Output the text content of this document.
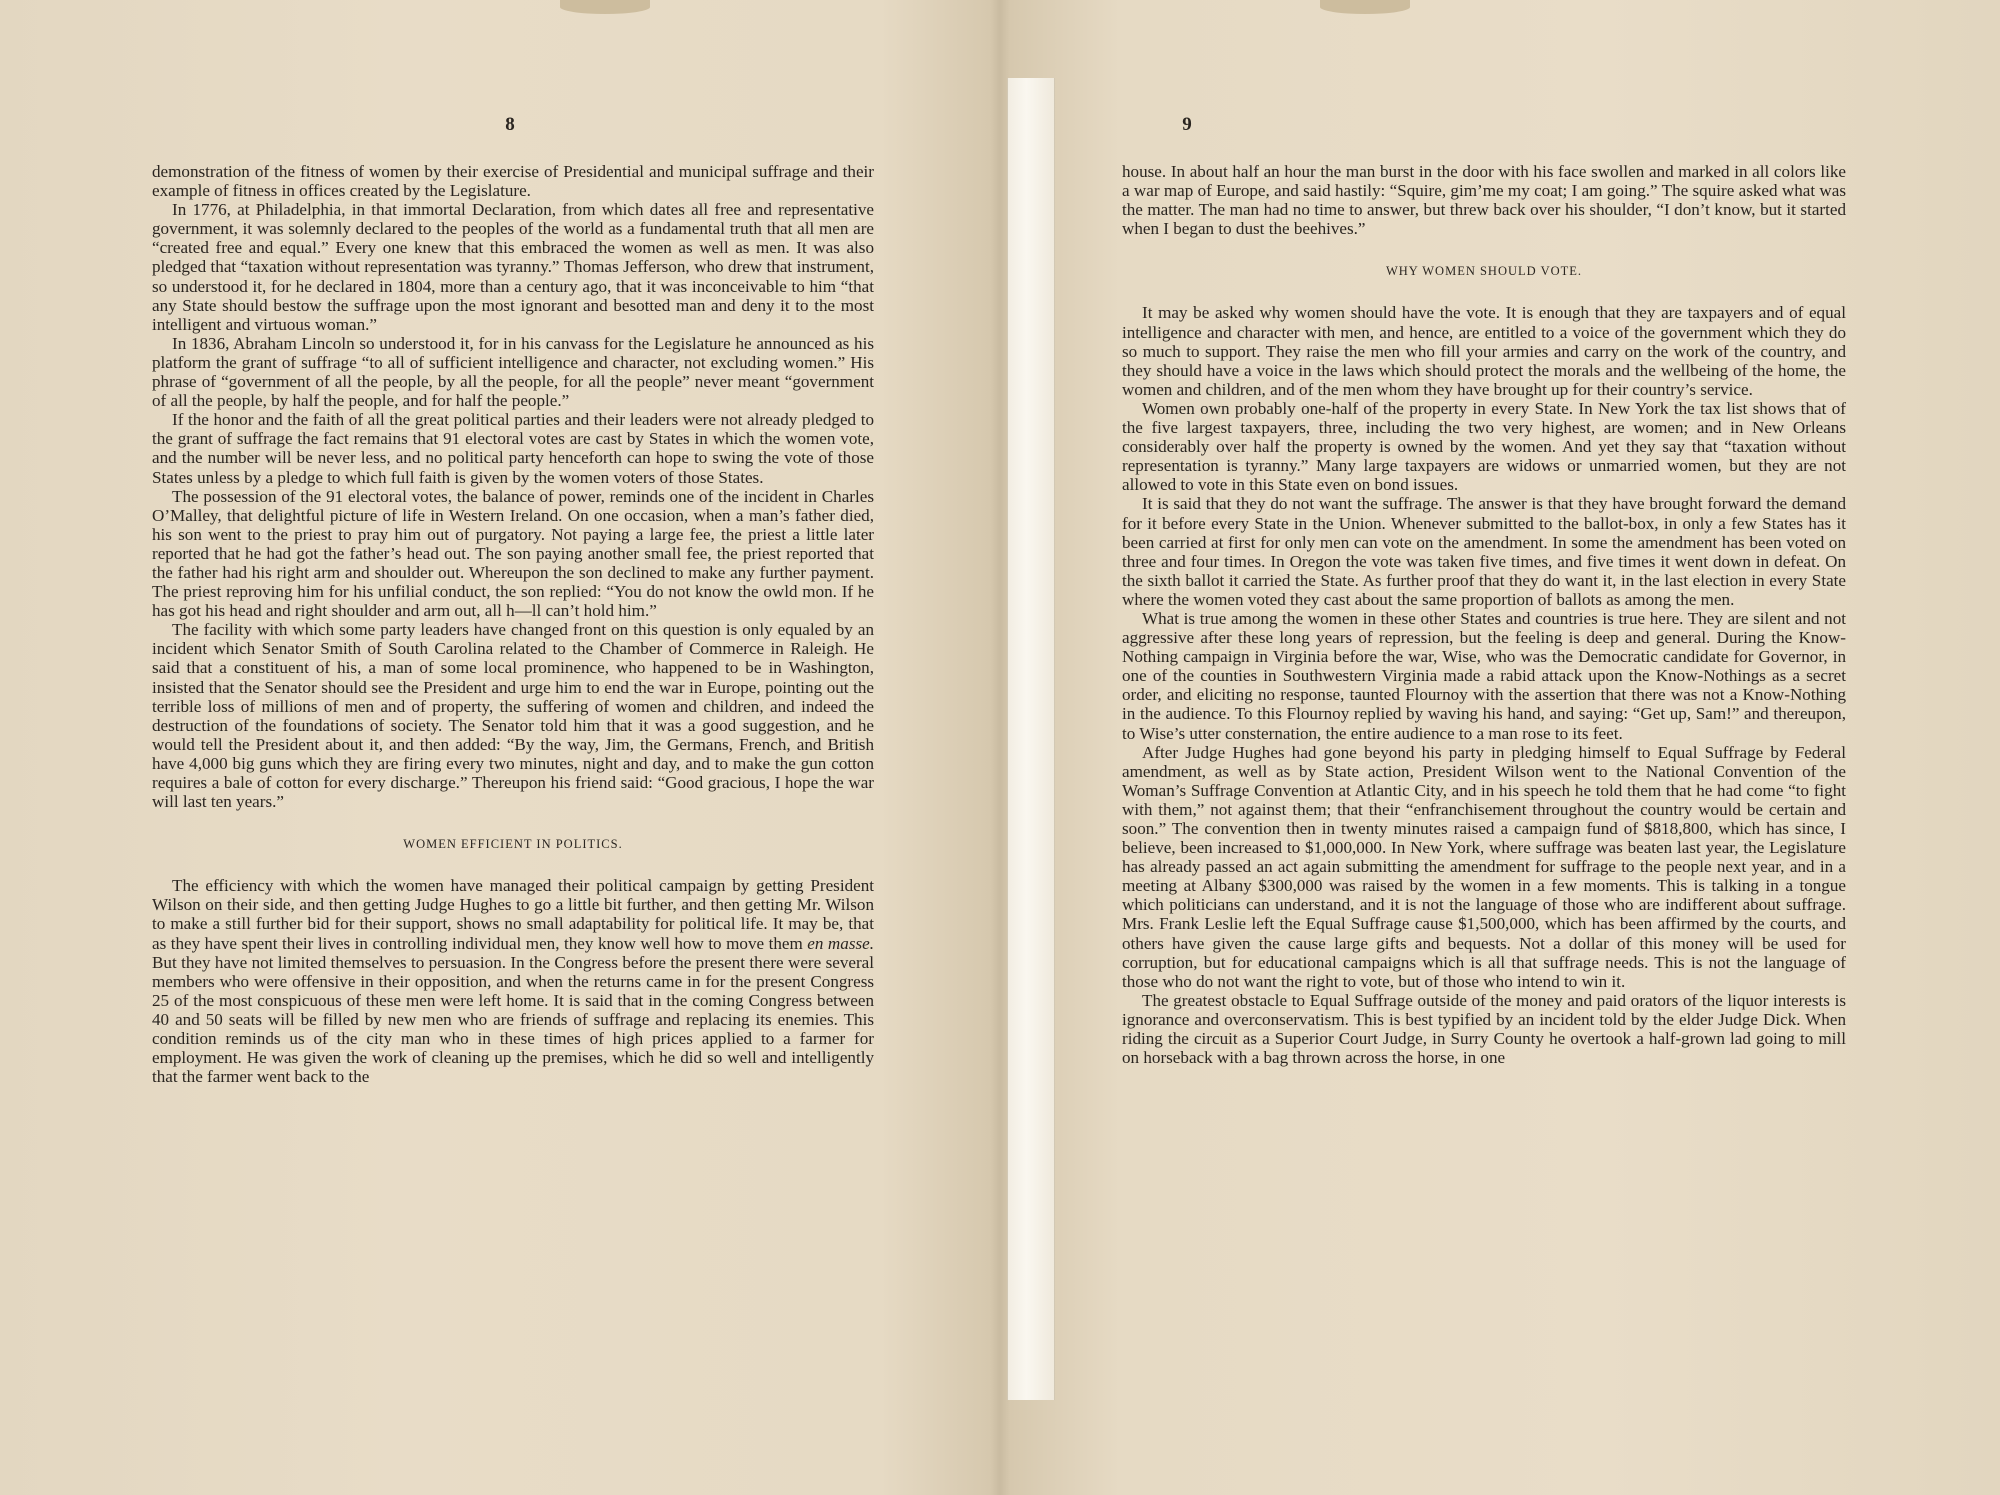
8

demonstration of the fitness of women by their exercise of Presidential and municipal suffrage and their example of fitness in offices created by the Legislature.

In 1776, at Philadelphia, in that immortal Declaration, from which dates all free and representative government, it was solemnly declared to the peoples of the world as a fundamental truth that all men are “created free and equal.” Every one knew that this embraced the women as well as men. It was also pledged that “taxation without representation was tyranny.” Thomas Jefferson, who drew that instrument, so understood it, for he declared in 1804, more than a century ago, that it was inconceivable to him “that any State should bestow the suffrage upon the most ignorant and besotted man and deny it to the most intelligent and virtuous woman.”

In 1836, Abraham Lincoln so understood it, for in his canvass for the Legislature he announced as his platform the grant of suffrage “to all of sufficient intelligence and character, not excluding women.” His phrase of “government of all the people, by all the people, for all the people” never meant “government of all the people, by half the people, and for half the people.”

If the honor and the faith of all the great political parties and their leaders were not already pledged to the grant of suffrage the fact remains that 91 electoral votes are cast by States in which the women vote, and the number will be never less, and no political party henceforth can hope to swing the vote of those States unless by a pledge to which full faith is given by the women voters of those States.

The possession of the 91 electoral votes, the balance of power, reminds one of the incident in Charles O’Malley, that delightful picture of life in Western Ireland. On one occasion, when a man’s father died, his son went to the priest to pray him out of purgatory. Not paying a large fee, the priest a little later reported that he had got the father’s head out. The son paying another small fee, the priest reported that the father had his right arm and shoulder out. Whereupon the son declined to make any further payment. The priest reproving him for his unfilial conduct, the son replied: “You do not know the owld mon. If he has got his head and right shoulder and arm out, all h—ll can’t hold him.”

The facility with which some party leaders have changed front on this question is only equaled by an incident which Senator Smith of South Carolina related to the Chamber of Commerce in Raleigh. He said that a constituent of his, a man of some local prominence, who happened to be in Washington, insisted that the Senator should see the President and urge him to end the war in Europe, pointing out the terrible loss of millions of men and of property, the suffering of women and children, and indeed the destruction of the foundations of society. The Senator told him that it was a good suggestion, and he would tell the President about it, and then added: “By the way, Jim, the Germans, French, and British have 4,000 big guns which they are firing every two minutes, night and day, and to make the gun cotton requires a bale of cotton for every discharge.” Thereupon his friend said: “Good gracious, I hope the war will last ten years.”

WOMEN EFFICIENT IN POLITICS.

The efficiency with which the women have managed their political campaign by getting President Wilson on their side, and then getting Judge Hughes to go a little bit further, and then getting Mr. Wilson to make a still further bid for their support, shows no small adaptability for political life. It may be, that as they have spent their lives in controlling individual men, they know well how to move them en masse. But they have not limited themselves to persuasion. In the Congress before the present there were several members who were offensive in their opposition, and when the returns came in for the present Congress 25 of the most conspicuous of these men were left home. It is said that in the coming Congress between 40 and 50 seats will be filled by new men who are friends of suffrage and replacing its enemies. This condition reminds us of the city man who in these times of high prices applied to a farmer for employment. He was given the work of cleaning up the premises, which he did so well and intelligently that the farmer went back to the

9

house. In about half an hour the man burst in the door with his face swollen and marked in all colors like a war map of Europe, and said hastily: “Squire, gim’me my coat; I am going.” The squire asked what was the matter. The man had no time to answer, but threw back over his shoulder, “I don’t know, but it started when I began to dust the beehives.”

WHY WOMEN SHOULD VOTE.

It may be asked why women should have the vote. It is enough that they are taxpayers and of equal intelligence and character with men, and hence, are entitled to a voice of the government which they do so much to support. They raise the men who fill your armies and carry on the work of the country, and they should have a voice in the laws which should protect the morals and the wellbeing of the home, the women and children, and of the men whom they have brought up for their country’s service.

Women own probably one-half of the property in every State. In New York the tax list shows that of the five largest taxpayers, three, including the two very highest, are women; and in New Orleans considerably over half the property is owned by the women. And yet they say that “taxation without representation is tyranny.” Many large taxpayers are widows or unmarried women, but they are not allowed to vote in this State even on bond issues.

It is said that they do not want the suffrage. The answer is that they have brought forward the demand for it before every State in the Union. Whenever submitted to the ballot-box, in only a few States has it been carried at first for only men can vote on the amendment. In some the amendment has been voted on three and four times. In Oregon the vote was taken five times, and five times it went down in defeat. On the sixth ballot it carried the State. As further proof that they do want it, in the last election in every State where the women voted they cast about the same proportion of ballots as among the men.

What is true among the women in these other States and countries is true here. They are silent and not aggressive after these long years of repression, but the feeling is deep and general. During the Know-Nothing campaign in Virginia before the war, Wise, who was the Democratic candidate for Governor, in one of the counties in Southwestern Virginia made a rabid attack upon the Know-Nothings as a secret order, and eliciting no response, taunted Flournoy with the assertion that there was not a Know-Nothing in the audience. To this Flournoy replied by waving his hand, and saying: “Get up, Sam!” and thereupon, to Wise’s utter consternation, the entire audience to a man rose to its feet.

After Judge Hughes had gone beyond his party in pledging himself to Equal Suffrage by Federal amendment, as well as by State action, President Wilson went to the National Convention of the Woman’s Suffrage Convention at Atlantic City, and in his speech he told them that he had come “to fight with them,” not against them; that their “enfranchisement throughout the country would be certain and soon.” The convention then in twenty minutes raised a campaign fund of $818,800, which has since, I believe, been increased to $1,000,000. In New York, where suffrage was beaten last year, the Legislature has already passed an act again submitting the amendment for suffrage to the people next year, and in a meeting at Albany $300,000 was raised by the women in a few moments. This is talking in a tongue which politicians can understand, and it is not the language of those who are indifferent about suffrage. Mrs. Frank Leslie left the Equal Suffrage cause $1,500,000, which has been affirmed by the courts, and others have given the cause large gifts and bequests. Not a dollar of this money will be used for corruption, but for educational campaigns which is all that suffrage needs. This is not the language of those who do not want the right to vote, but of those who intend to win it.

The greatest obstacle to Equal Suffrage outside of the money and paid orators of the liquor interests is ignorance and overconservatism. This is best typified by an incident told by the elder Judge Dick. When riding the circuit as a Superior Court Judge, in Surry County he overtook a half-grown lad going to mill on horseback with a bag thrown across the horse, in one
